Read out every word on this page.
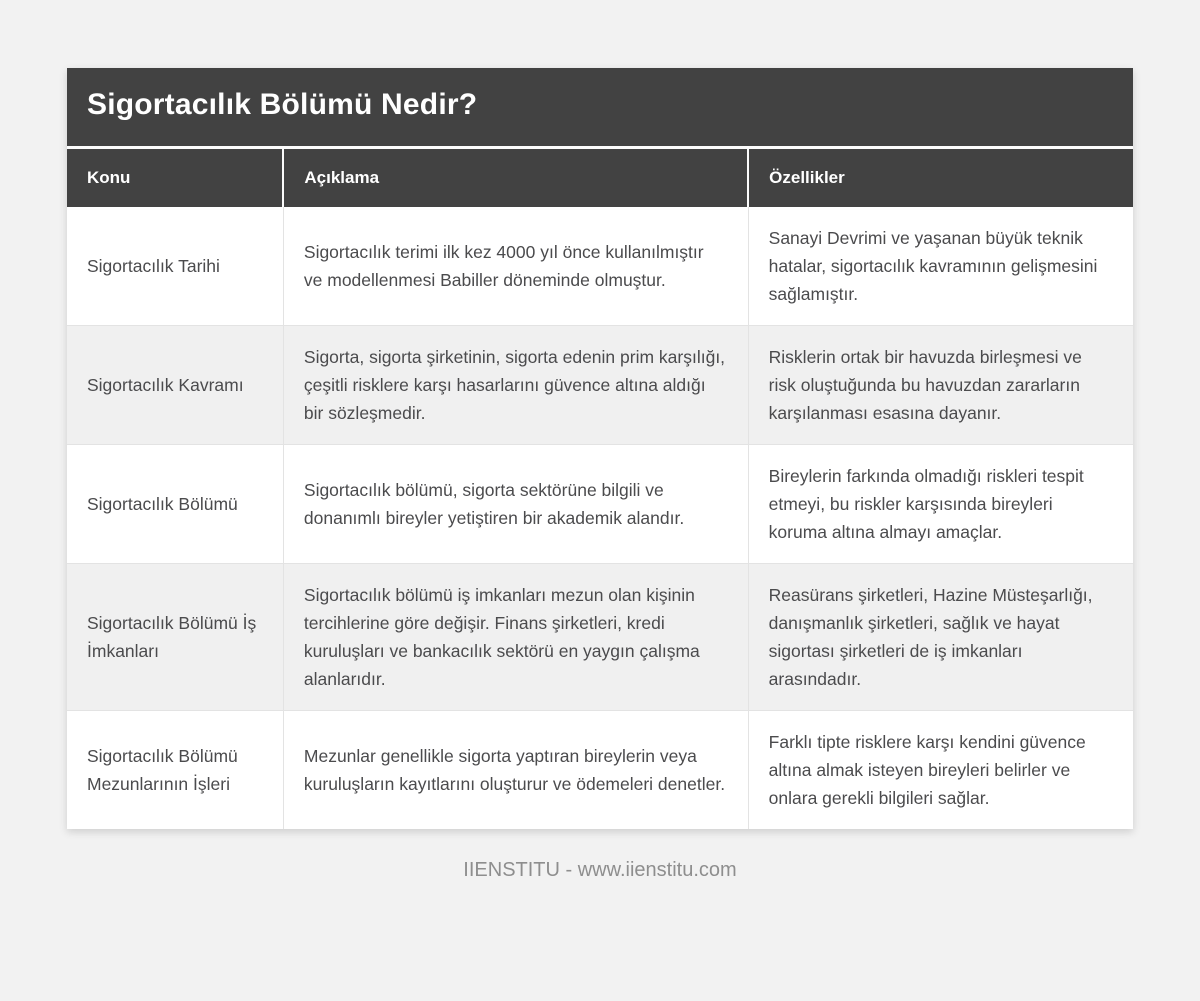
Sigortacılık Bölümü Nedir?
Konu	Açıklama	Özellikler
Sigortacılık Tarihi	Sigortacılık terimi ilk kez 4000 yıl önce kullanılmıştır ve modellenmesi Babiller döneminde olmuştur.	Sanayi Devrimi ve yaşanan büyük teknik hatalar, sigortacılık kavramının gelişmesini sağlamıştır.
Sigortacılık Kavramı	Sigorta, sigorta şirketinin, sigorta edenin prim karşılığı, çeşitli risklere karşı hasarlarını güvence altına aldığı bir sözleşmedir.	Risklerin ortak bir havuzda birleşmesi ve risk oluştuğunda bu havuzdan zararların karşılanması esasına dayanır.
Sigortacılık Bölümü	Sigortacılık bölümü, sigorta sektörüne bilgili ve donanımlı bireyler yetiştiren bir akademik alandır.	Bireylerin farkında olmadığı riskleri tespit etmeyi, bu riskler karşısında bireyleri koruma altına almayı amaçlar.
Sigortacılık Bölümü İş İmkanları	Sigortacılık bölümü iş imkanları mezun olan kişinin tercihlerine göre değişir. Finans şirketleri, kredi kuruluşları ve bankacılık sektörü en yaygın çalışma alanlarıdır.	Reasürans şirketleri, Hazine Müsteşarlığı, danışmanlık şirketleri, sağlık ve hayat sigortası şirketleri de iş imkanları arasındadır.
Sigortacılık Bölümü Mezunlarının İşleri	Mezunlar genellikle sigorta yaptıran bireylerin veya kuruluşların kayıtlarını oluşturur ve ödemeleri denetler.	Farklı tipte risklere karşı kendini güvence altına almak isteyen bireyleri belirler ve onlara gerekli bilgileri sağlar.
IIENSTITU - www.iienstitu.com
